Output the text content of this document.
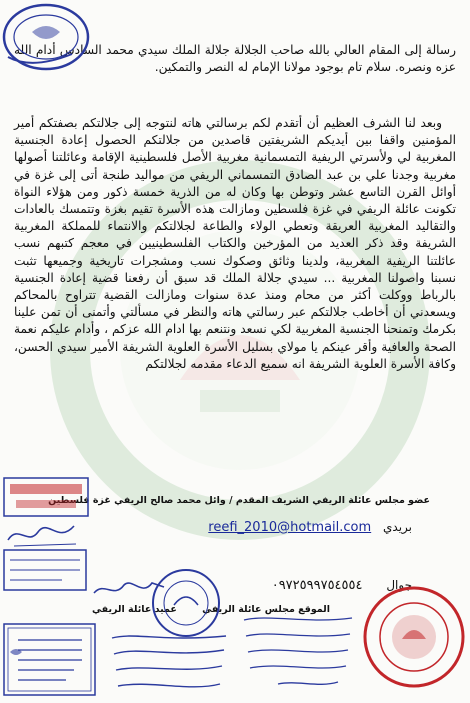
رسالة إلى المقام العالي بالله صاحب الجلالة جلالة الملك سيدي محمد السادس أدام الله عزه ونصره. سلام تام بوجود مولانا الإمام له النصر والتمكين.
وبعد لنا الشرف العظيم أن أتقدم لكم برسالتي هاته لنتوجه إلى جلالتكم بصفتكم أمير المؤمنين واقفا بين أيديكم الشريفتين قاصدين من جلالتكم الحصول إعادة الجنسية المغربية لي ولأسرتي الريفية التمسمانية مغربية الأصل فلسطينية الإقامة وعائلتنا أصولها مغربية وجدنا علي بن عبد الصادق التمسماني الريفي من مواليد طنجة أتى إلى غزة في أوائل القرن التاسع عشر وتوطن بها وكان له من الذرية خمسة ذكور ومن هؤلاء النواة تكونت عائلة الريفي في غزة فلسطين ومازالت هذه الأسرة تقيم بغزة وتتمسك بالعادات والتقاليد المغربية العريقة وتعطي الولاء والطاعة لجلالتكم والانتماء للمملكة المغربية الشريفة وقد ذكر العديد من المؤرخين والكتاب الفلسطينيين في معجم كتبهم نسب عائلتنا الريفية المغربية، ولدينا وثائق وصكوك نسب ومشجرات تاريخية وجميعها تثبت نسبنا واصولنا المغربية ... سيدي جلالة الملك قد سبق أن رفعنا قضية إعادة الجنسية بالرباط ووكلت أكثر من محام ومنذ عدة سنوات ومازالت القضية تتراوح بالمحاكم ويسعدني أن أخاطب جلالتكم عبر رسالتي هاته والنظر في مسألتي وأتمنى أن تمن علينا بكرمك وتمنحنا الجنسية المغربية لكي نسعد ونتنعم بها ادام الله عزكم ، وأدام عليكم نعمة الصحة والعافية وأقر عينكم يا مولاي بسليل الأسرة العلوية الشريفة الأمير سيدي الحسن، وكافة الأسرة العلوية الشريفة انه سميع الدعاء مقدمه لجلالتكم
عضو مجلس عائلة الريفي الشريف المقدم / وائل محمد صالح الريفي غزة فلسطين
بريدي reefi_2010@hotmail.com
جوال ٠٩٧٢٥٩٩٧٥٤٥٥٤
الموقع مجلس عائلة الريفي
عميد عائلة الريفي
